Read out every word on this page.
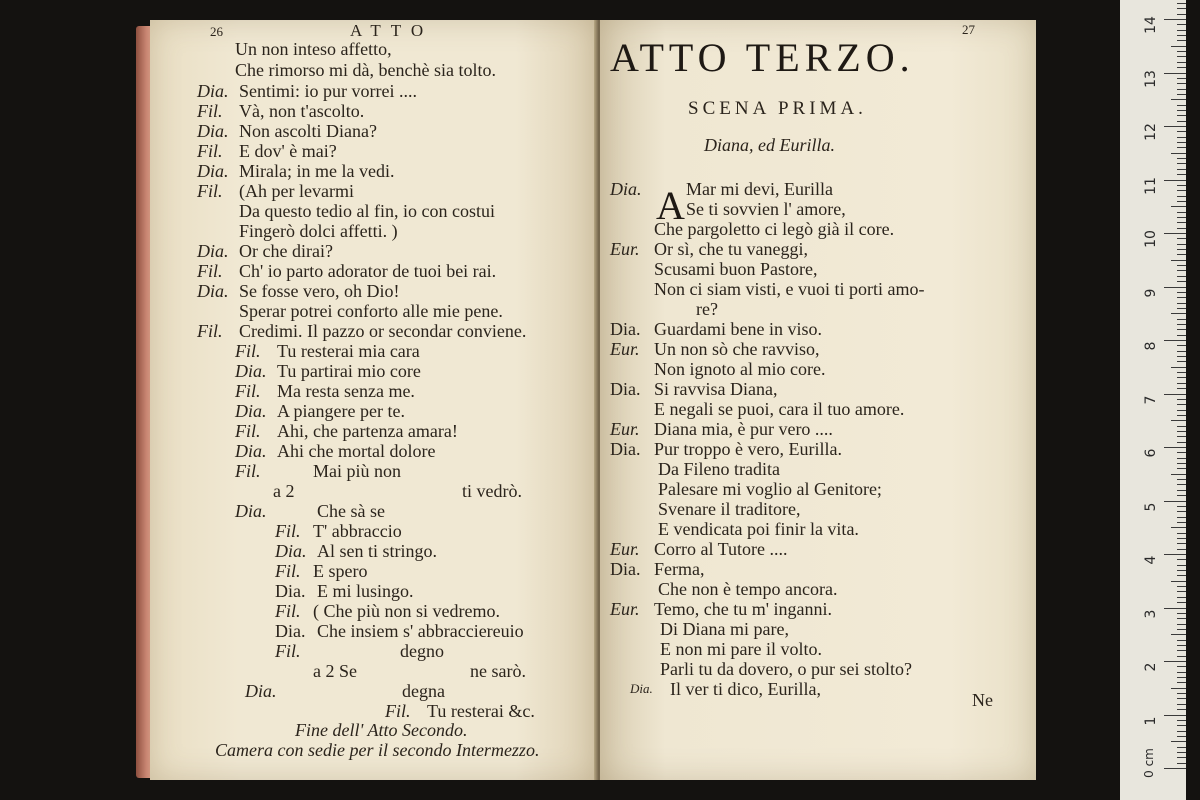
26	ATTO
Un non inteso affetto,
Che rimorso mi dà, benchè sia tolto.
Dia. Sentimi: io pur vorrei ....
Fil. Và, non t'ascolto.
Dia. Non ascolti Diana?
Fil. E dov' è mai?
Dia. Mirala; in me la vedi.
Fil. (Ah per levarmi
Da questo tedio al fin, io con costui
Fingerò dolci affetti. )
Dia. Or che dirai?
Fil. Ch' io parto adorator de tuoi bei rai.
Dia. Se fosse vero, oh Dio!
Sperar potrei conforto alle mie pene.
Fil. Credimi. Il pazzo or secondar conviene.
Fil. Tu resterai mia cara
Dia. Tu partirai mio core
Fil. Ma resta senza me.
Dia. A piangere per te.
Fil. Ahi, che partenza amara!
Dia. Ahi che mortal dolore
Fil.	Mai più non
a 2	ti vedrò.
Dia.	Che sà se
Fil. T' abbraccio
Dia. Al sen ti stringo.
Fil. E spero
Dia. E mi lusingo.
Fil. ( Che più non si vedremo.
Dia. Che insiem s' abbracciereuio
Fil.	degno
a 2 Se	ne sarò.
Dia.	degna
Fil. Tu resterai &c.
Fine dell' Atto Secondo.
Camera con sedie per il secondo Intermezzo.
27
ATTO TERZO.
SCENA PRIMA.
Diana, ed Eurilla.
Dia. A Mar mi devi, Eurilla
Se ti sovvien l' amore,
Che pargoletto ci legò già il core.
Eur. Or sì, che tu vaneggi,
Scusami buon Pastore,
Non ci siam visti, e vuoi ti porti amo-
re?
Dia. Guardami bene in viso.
Eur. Un non sò che ravviso,
Non ignoto al mio core.
Dia. Si ravvisa Diana,
E negali se puoi, cara il tuo amore.
Eur. Diana mia, è pur vero ....
Dia. Pur troppo è vero, Eurilla.
Da Fileno tradita
Palesare mi voglio al Genitore;
Svenare il traditore,
E vendicata poi finir la vita.
Eur. Corro al Tutore ....
Dia. Ferma,
Che non è tempo ancora.
Eur. Temo, che tu m' inganni.
Di Diana mi pare,
E non mi pare il volto.
Parli tu da dovero, o pur sei stolto?
Dia. Il ver ti dico, Eurilla,
Ne
14
13
12
11
10
9
8
7
6
5
4
3
2
1
0 cm
